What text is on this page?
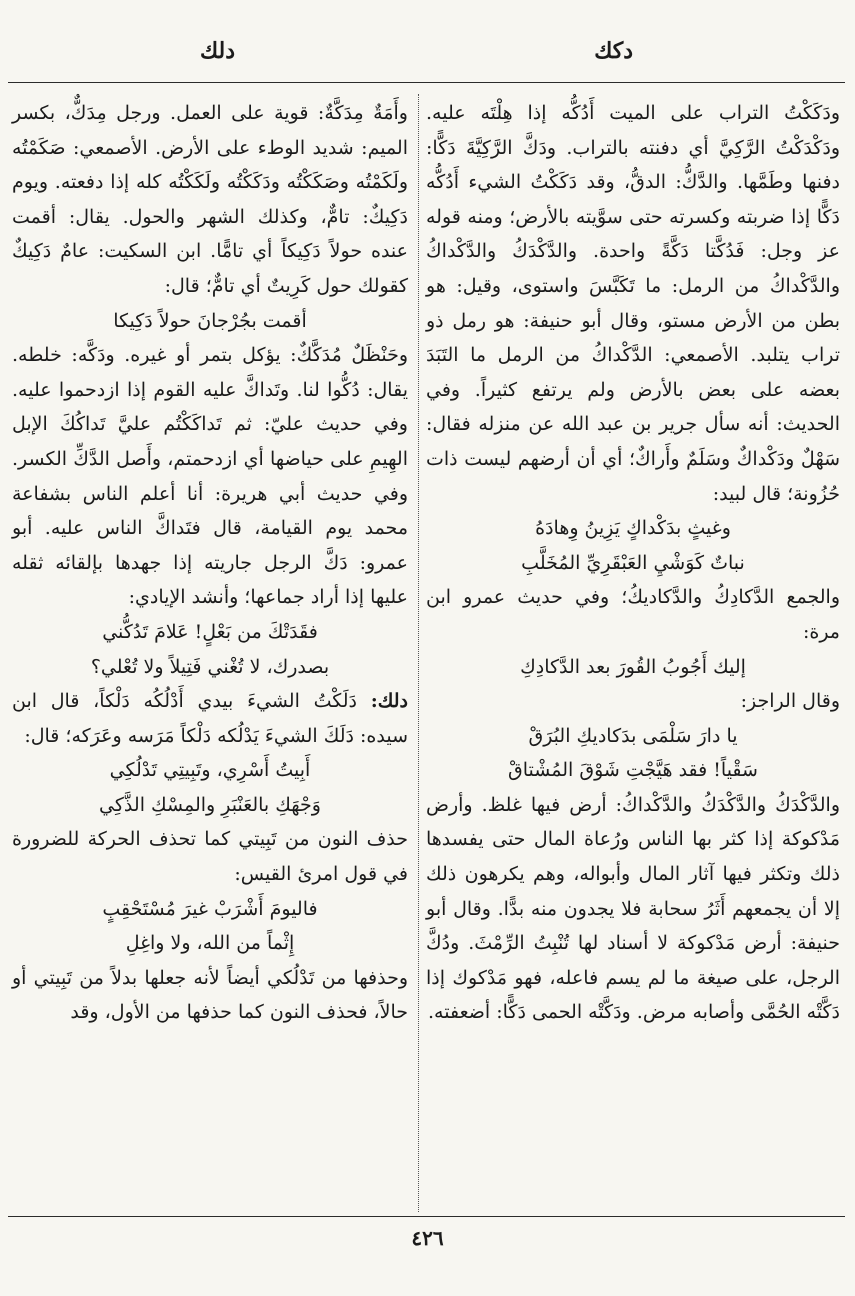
دكك
دلك

ودَكَكْتُ التراب على الميت أَدُكُّه إذا هِلْتَه عليه. ودَكْدَكْتُ الرَّكِيَّ أي دفنته بالتراب. ودَكَّ الرَّكِيَّةَ دَكًّا: دفنها وطَمَّها. والدَّكُّ: الدقُّ، وقد دَكَكْتُ الشيء أَدُكُّه دَكًّا إذا ضربته وكسرته حتى سوَّيته بالأرض؛ ومنه قوله عز وجل: فَدُكَّتا دَكَّةً واحدة. والدَّكْدَكُ والدَّكْداكُ والدَّكْداكُ من الرمل: ما تَكَبَّسَ واستوى، وقيل: هو بطن من الأرض مستو، وقال أبو حنيفة: هو رمل ذو تراب يتلبد. الأصمعي: الدَّكْداكُ من الرمل ما التَبَدَ بعضه على بعض بالأرض ولم يرتفع كثيراً. وفي الحديث: أنه سأل جرير بن عبد الله عن منزله فقال: سَهْلٌ ودَكْداكٌ وسَلَمٌ وأَراكٌ؛ أي أن أرضهم ليست ذات حُزُونة؛ قال لبيد:

وغيثٍ بدَكْداكٍ يَزِينُ وِهادَهُ

نباتٌ كَوَشْيِ العَبْقَرِيِّ المُخَلَّبِ

والجمع الدَّكادِكُ والدَّكاديكُ؛ وفي حديث عمرو ابن مرة:

إليك أَجُوبُ القُورَ بعد الدَّكادِكِ

وقال الراجز:

يا دارَ سَلْمَى بدَكاديكِ البُرَقْ

سَقْياً! فقد هَيَّجْتِ شَوْقَ المُشْتاقْ

والدَّكْدَكُ والدَّكْدَكُ والدَّكْداكُ: أرض فيها غلظ. وأرض مَدْكوكة إذا كثر بها الناس ورُعاة المال حتى يفسدها ذلك وتكثر فيها آثار المال وأبواله، وهم يكرهون ذلك إلا أن يجمعهم أَثَرُ سحابة فلا يجدون منه بدًّا. وقال أبو حنيفة: أرض مَدْكوكة لا أسناد لها تُنْبِتُ الرِّمْثَ. ودُكَّ الرجل، على صيغة ما لم يسم فاعله، فهو مَدْكوك إذا دَكَّتْه الحُمَّى وأصابه مرض. ودَكَّتْه الحمى دَكًّا: أضعفته.

وأَمَةٌ مِدَكَّةٌ: قوية على العمل. ورجل مِدَكٌّ، بكسر الميم: شديد الوطء على الأرض. الأصمعي: صَكَمْتُه ولَكَمْتُه وصَكَكْتُه ودَكَكْتُه ولَكَكْتُه كله إذا دفعته. ويوم دَكِيكٌ: تامٌّ، وكذلك الشهر والحول. يقال: أقمت عنده حولاً دَكِيكاً أي تامًّا. ابن السكيت: عامٌ دَكِيكٌ كقولك حول كَرِيتٌ أي تامٌّ؛ قال:

أقمت بجُرْجانَ حولاً دَكِيكا

وحَنْظَلٌ مُدَكَّكٌ: يؤكل بتمر أو غيره. ودَكَّه: خلطه. يقال: دُكُّوا لنا. وتَداكَّ عليه القوم إذا ازدحموا عليه. وفي حديث عليّ: ثم تَداكَكْتُم عليَّ تَداكُكَ الإبل الهِيمِ على حياضها أي ازدحمتم، وأَصل الدَّكِّ الكسر. وفي حديث أبي هريرة: أنا أعلم الناس بشفاعة محمد يوم القيامة، قال فتَداكَّ الناس عليه. أبو عمرو: دَكَّ الرجل جاريته إذا جهدها بإلقائه ثقله عليها إذا أراد جماعها؛ وأنشد الإيادي:

فقَدَتْكَ من بَعْلٍ! عَلامَ تَدُكُّني

بصدرك، لا تُغْني فَتِيلاً ولا تُعْلي؟

دلك: دَلَكْتُ الشيءَ بيدي أَدْلُكُه دَلْكاً، قال ابن سيده: دَلَكَ الشيءَ يَدْلُكه دَلْكاً مَرَسه وعَرَكه؛ قال:

أَبِيتُ أَسْرِي، وتَبِيتِي تَدْلُكِي

وَجْهَكِ بالعَنْبَرِ والمِسْكِ الذَّكِي

حذف النون من تَبِيتي كما تحذف الحركة للضرورة في قول امرئ القيس:

فاليومَ أَشْرَبْ غيرَ مُسْتَحْقِبٍ

إِثْماً من الله، ولا واغِلِ

وحذفها من تَدْلُكي أيضاً لأنه جعلها بدلاً من تَبِيتي أو حالاً، فحذف النون كما حذفها من الأول، وقد

٤٢٦
